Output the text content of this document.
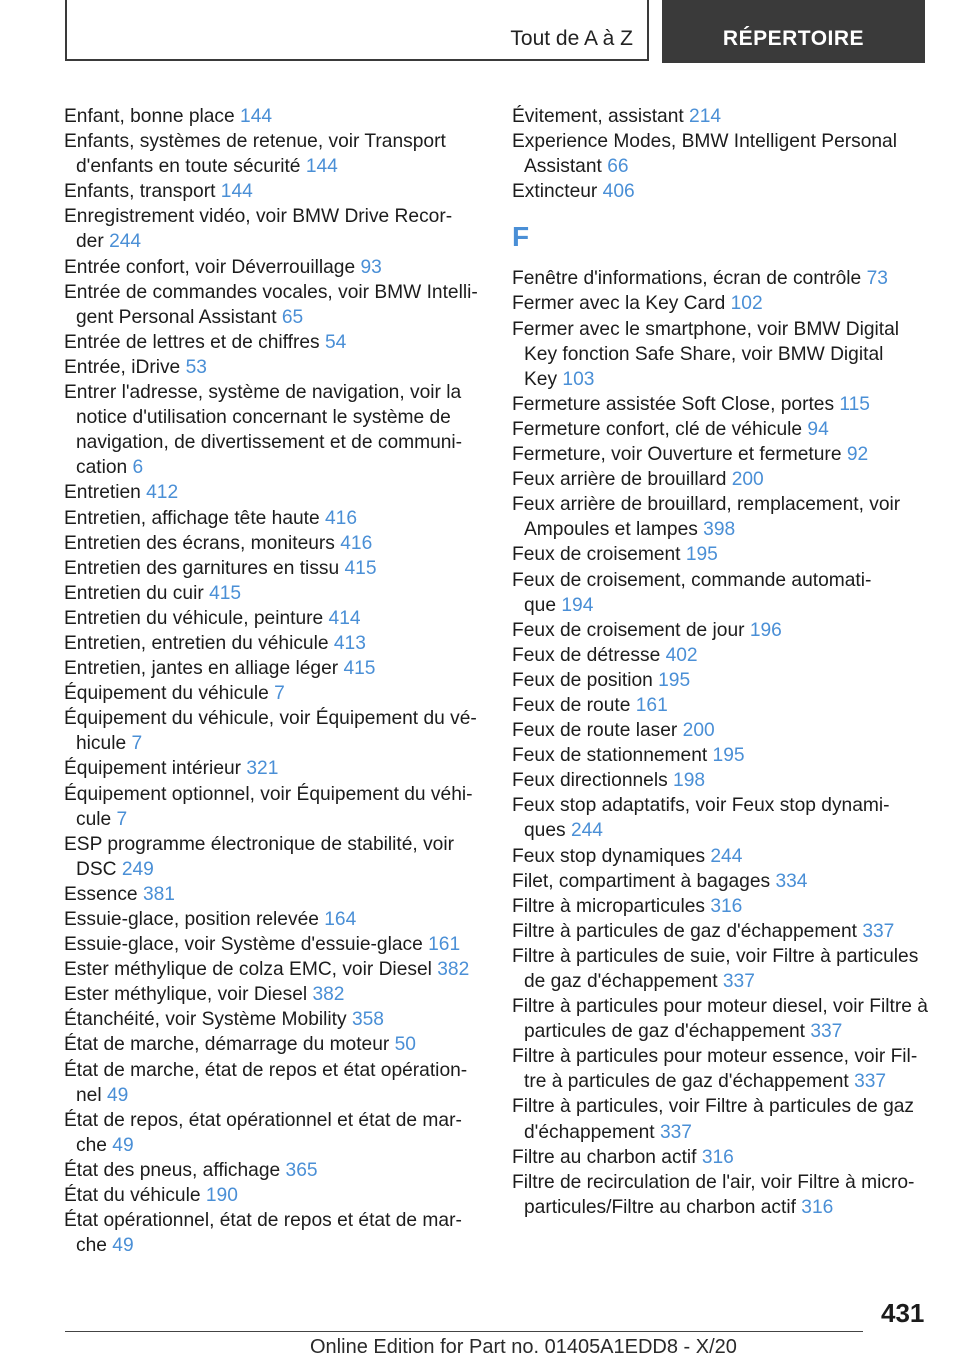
Tout de A à Z	RÉPERTOIRE
Enfant, bonne place 144
Enfants, systèmes de retenue, voir Transport
d'enfants en toute sécurité 144
Enfants, transport 144
Enregistrement vidéo, voir BMW Drive Recor‐
der 244
Entrée confort, voir Déverrouillage 93
Entrée de commandes vocales, voir BMW Intelli‐
gent Personal Assistant 65
Entrée de lettres et de chiffres 54
Entrée, iDrive 53
Entrer l'adresse, système de navigation, voir la
notice d'utilisation concernant le système de
navigation, de divertissement et de communi‐
cation 6
Entretien 412
Entretien, affichage tête haute 416
Entretien des écrans, moniteurs 416
Entretien des garnitures en tissu 415
Entretien du cuir 415
Entretien du véhicule, peinture 414
Entretien, entretien du véhicule 413
Entretien, jantes en alliage léger 415
Équipement du véhicule 7
Équipement du véhicule, voir Équipement du vé‐
hicule 7
Équipement intérieur 321
Équipement optionnel, voir Équipement du véhi‐
cule 7
ESP programme électronique de stabilité, voir
DSC 249
Essence 381
Essuie-glace, position relevée 164
Essuie-glace, voir Système d'essuie-glace 161
Ester méthylique de colza EMC, voir Diesel 382
Ester méthylique, voir Diesel 382
Étanchéité, voir Système Mobility 358
État de marche, démarrage du moteur 50
État de marche, état de repos et état opération‐
nel 49
État de repos, état opérationnel et état de mar‐
che 49
État des pneus, affichage 365
État du véhicule 190
État opérationnel, état de repos et état de mar‐
che 49
Évitement, assistant 214
Experience Modes, BMW Intelligent Personal
Assistant 66
Extincteur 406
F
Fenêtre d'informations, écran de contrôle 73
Fermer avec la Key Card 102
Fermer avec le smartphone, voir BMW Digital
Key fonction Safe Share, voir BMW Digital
Key 103
Fermeture assistée Soft Close, portes 115
Fermeture confort, clé de véhicule 94
Fermeture, voir Ouverture et fermeture 92
Feux arrière de brouillard 200
Feux arrière de brouillard, remplacement, voir
Ampoules et lampes 398
Feux de croisement 195
Feux de croisement, commande automati‐
que 194
Feux de croisement de jour 196
Feux de détresse 402
Feux de position 195
Feux de route 161
Feux de route laser 200
Feux de stationnement 195
Feux directionnels 198
Feux stop adaptatifs, voir Feux stop dynami‐
ques 244
Feux stop dynamiques 244
Filet, compartiment à bagages 334
Filtre à microparticules 316
Filtre à particules de gaz d'échappement 337
Filtre à particules de suie, voir Filtre à particules
de gaz d'échappement 337
Filtre à particules pour moteur diesel, voir Filtre à
particules de gaz d'échappement 337
Filtre à particules pour moteur essence, voir Fil‐
tre à particules de gaz d'échappement 337
Filtre à particules, voir Filtre à particules de gaz
d'échappement 337
Filtre au charbon actif 316
Filtre de recirculation de l'air, voir Filtre à micro‐
particules/Filtre au charbon actif 316
431
Online Edition for Part no. 01405A1EDD8 - X/20
